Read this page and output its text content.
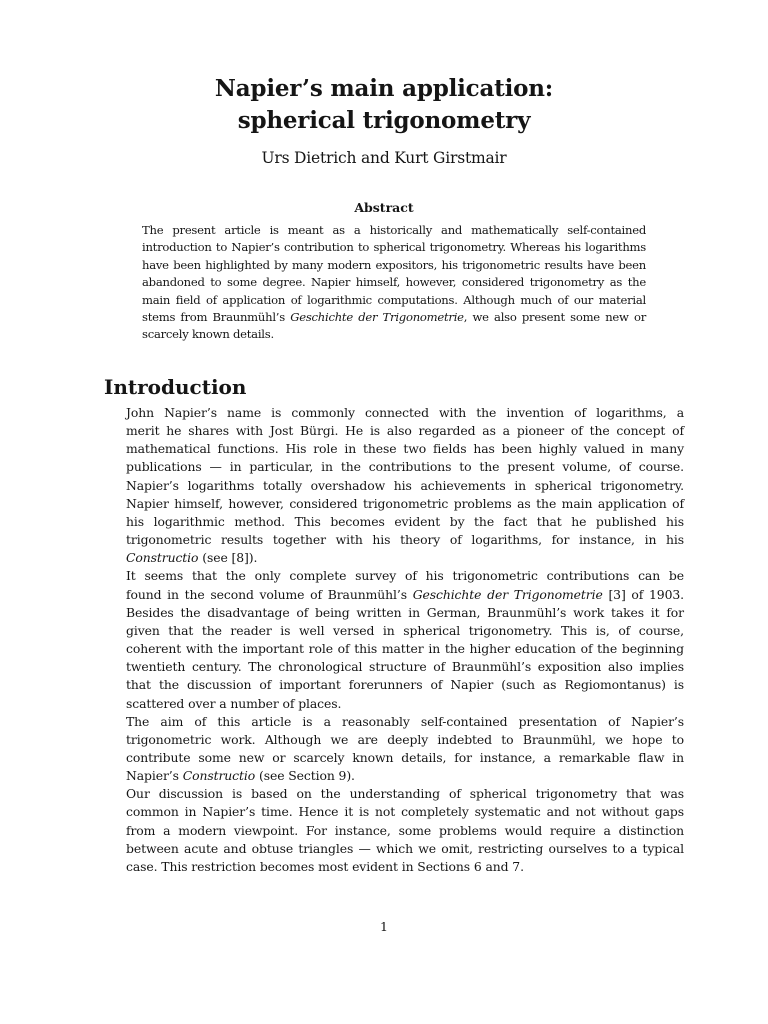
Napier’s main application:
spherical trigonometry
Urs Dietrich and Kurt Girstmair
Abstract

The present article is meant as a historically and mathematically self-contained introduction to Napier’s contribution to spherical trigonometry. Whereas his logarithms have been highlighted by many modern expositors, his trigonometric results have been abandoned to some degree. Napier himself, however, considered trigonometry as the main field of application of logarithmic computations. Although much of our material stems from Braunmühl’s Geschichte der Trigonometrie, we also present some new or scarcely known details.

Introduction

John Napier’s name is commonly connected with the invention of logarithms, a
merit he shares with Jost Bürgi. He is also regarded as a pioneer of the concept of
mathematical functions. His role in these two fields has been highly valued in many
publications — in particular, in the contributions to the present volume, of course.
Napier’s logarithms totally overshadow his achievements in spherical trigonometry.
Napier himself, however, considered trigonometric problems as the main application of
his logarithmic method. This becomes evident by the fact that he published his
trigonometric results together with his theory of logarithms, for instance, in his
Constructio (see [8]).

It seems that the only complete survey of his trigonometric contributions can be
found in the second volume of Braunmühl’s Geschichte der Trigonometrie [3] of 1903.
Besides the disadvantage of being written in German, Braunmühl’s work takes it for
given that the reader is well versed in spherical trigonometry. This is, of course,
coherent with the important role of this matter in the higher education of the beginning
twentieth century. The chronological structure of Braunmühl’s exposition also implies
that the discussion of important forerunners of Napier (such as Regiomontanus) is
scattered over a number of places.

The aim of this article is a reasonably self-contained presentation of Napier’s
trigonometric work. Although we are deeply indebted to Braunmühl, we hope to
contribute some new or scarcely known details, for instance, a remarkable flaw in
Napier’s Constructio (see Section 9).

Our discussion is based on the understanding of spherical trigonometry that was
common in Napier’s time. Hence it is not completely systematic and not without gaps
from a modern viewpoint. For instance, some problems would require a distinction
between acute and obtuse triangles — which we omit, restricting ourselves to a typical
case. This restriction becomes most evident in Sections 6 and 7.

1
